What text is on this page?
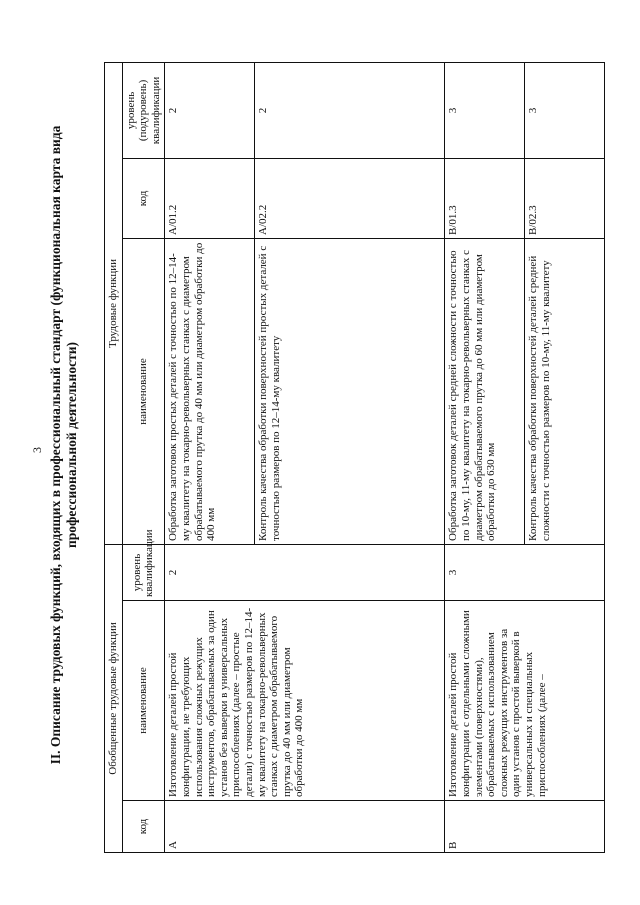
3 II. Описание трудовых функций, входящих в профессиональный стандарт (функциональная карта вида профессиональной деятельности)
Обобщенные трудовые функции			Трудовые функции		
код	наименование	уровень квалификации	наименование	код	уровень (подуровень) квалификации
А	Изготовление деталей простой конфигурации, не требующих использования сложных режущих инструментов, обрабатываемых за один установ без выверки в универсальных приспособлениях (далее – простые детали) с точностью размеров по 12–14-му квалитету на токарно-револьверных станках с диаметром обрабатываемого прутка до 40 мм или диаметром обработки до 400 мм	2	Обработка заготовок простых деталей с точностью по 12–14-му квалитету на токарно-револьверных станках с диаметром обрабатываемого прутка до 40 мм или диаметром обработки до 400 мм	A/01.2	2
			Контроль качества обработки поверхностей простых деталей с точностью размеров по 12–14-му квалитету	A/02.2	2
B	Изготовление деталей простой конфигурации с отдельными сложными элементами (поверхностями), обрабатываемых с использованием сложных режущих инструментов за один установ с простой выверкой в универсальных и специальных приспособлениях (далее –	3	Обработка заготовок деталей средней сложности с точностью по 10-му, 11-му квалитету на токарно-револьверных станках с диаметром обрабатываемого прутка до 60 мм или диаметром обработки до 630 мм	B/01.3	3
			Контроль качества обработки поверхностей деталей средней сложности с точностью размеров по 10-му, 11-му квалитету	B/02.3	3
